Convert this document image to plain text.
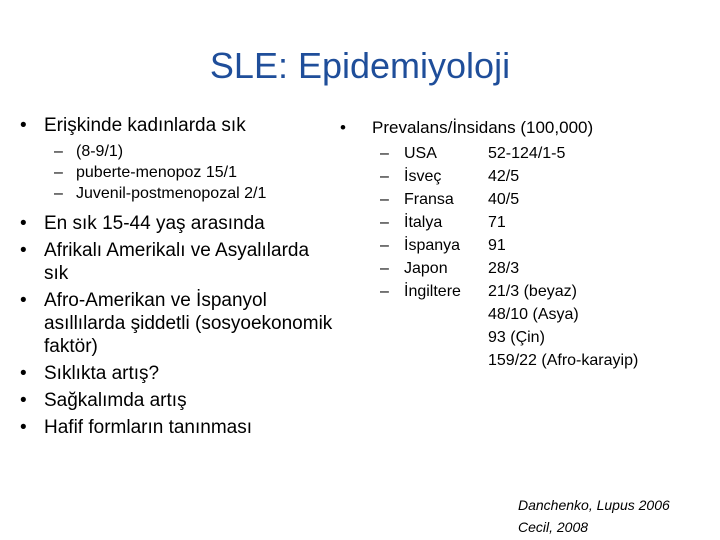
SLE: Epidemiyoloji
• Erişkinde kadınlarda sık
– (8-9/1)
– puberte-menopoz 15/1
– Juvenil-postmenopozal 2/1
• En sık 15-44 yaş arasında
• Afrikalı Amerikalı ve Asyalılarda sık
• Afro-Amerikan ve İspanyol asıllılarda şiddetli (sosyoekonomik faktör)
• Sıklıkta artış?
• Sağkalımda artış
• Hafif formların tanınması
• Prevalans/İnsidans (100,000)
– USA	52-124/1-5
– İsveç	42/5
– Fransa 40/5
– İtalya	71
– İspanya 91
– Japon	28/3
– İngiltere 21/3 (beyaz)
48/10 (Asya)
93 (Çin)
159/22 (Afro-karayip)
Danchenko, Lupus 2006
Cecil, 2008
